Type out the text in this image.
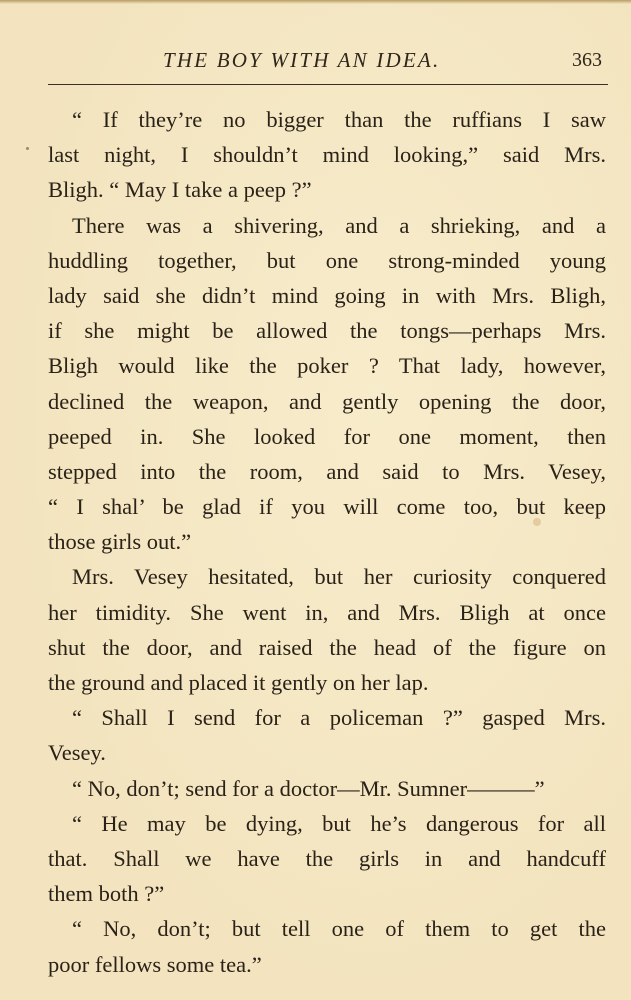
THE BOY WITH AN IDEA.	363
“ If they’re no bigger than the ruffians I saw
last night, I shouldn’t mind looking,” said Mrs.
Bligh. “ May I take a peep ?”
There was a shivering, and a shrieking, and a
huddling together, but one strong-minded young
lady said she didn’t mind going in with Mrs. Bligh,
if she might be allowed the tongs—perhaps Mrs.
Bligh would like the poker ? That lady, however,
declined the weapon, and gently opening the door,
peeped in. She looked for one moment, then
stepped into the room, and said to Mrs. Vesey,
“ I shal’ be glad if you will come too, but keep
those girls out.”
Mrs. Vesey hesitated, but her curiosity conquered
her timidity. She went in, and Mrs. Bligh at once
shut the door, and raised the head of the figure on
the ground and placed it gently on her lap.
“ Shall I send for a policeman ?” gasped Mrs.
Vesey.
“ No, don’t; send for a doctor—Mr. Sumner———”
“ He may be dying, but he’s dangerous for all
that. Shall we have the girls in and handcuff
them both ?”
“ No, don’t; but tell one of them to get the
poor fellows some tea.”
